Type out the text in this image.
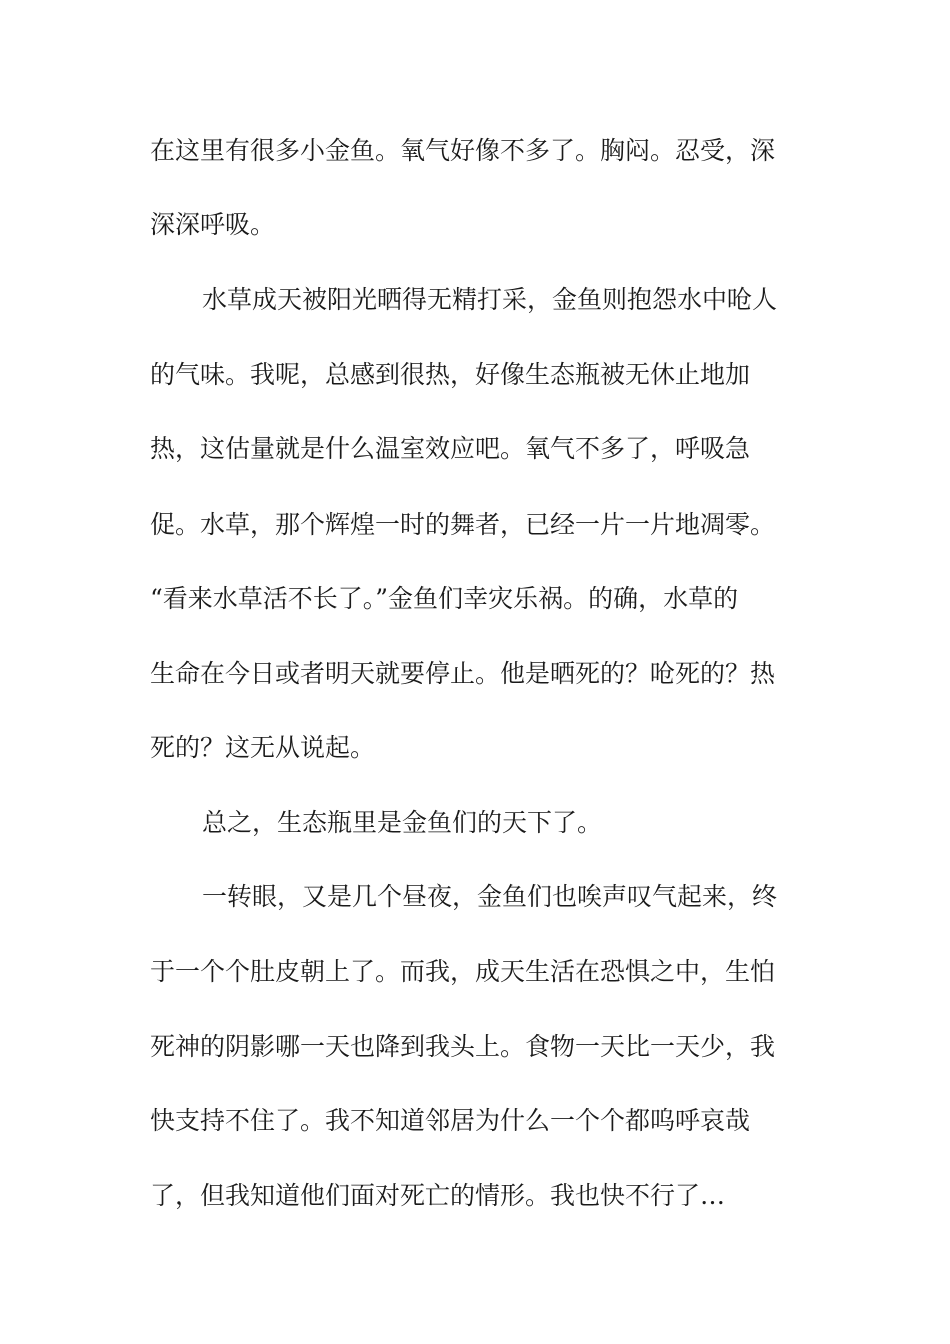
在这里有很多小金鱼。氧气好像不多了。胸闷。忍受，深
深深呼吸。
水草成天被阳光晒得无精打采，金鱼则抱怨水中呛人
的气味。我呢，总感到很热，好像生态瓶被无休止地加
热，这估量就是什么温室效应吧。氧气不多了，呼吸急
促。水草，那个辉煌一时的舞者，已经一片一片地凋零。
“看来水草活不长了。”金鱼们幸灾乐祸。的确，水草的
生命在今日或者明天就要停止。他是晒死的？呛死的？热
死的？这无从说起。
总之，生态瓶里是金鱼们的天下了。
一转眼，又是几个昼夜，金鱼们也唉声叹气起来，终
于一个个肚皮朝上了。而我，成天生活在恐惧之中，生怕
死神的阴影哪一天也降到我头上。食物一天比一天少，我
快支持不住了。我不知道邻居为什么一个个都呜呼哀哉
了，但我知道他们面对死亡的情形。我也快不行了…
